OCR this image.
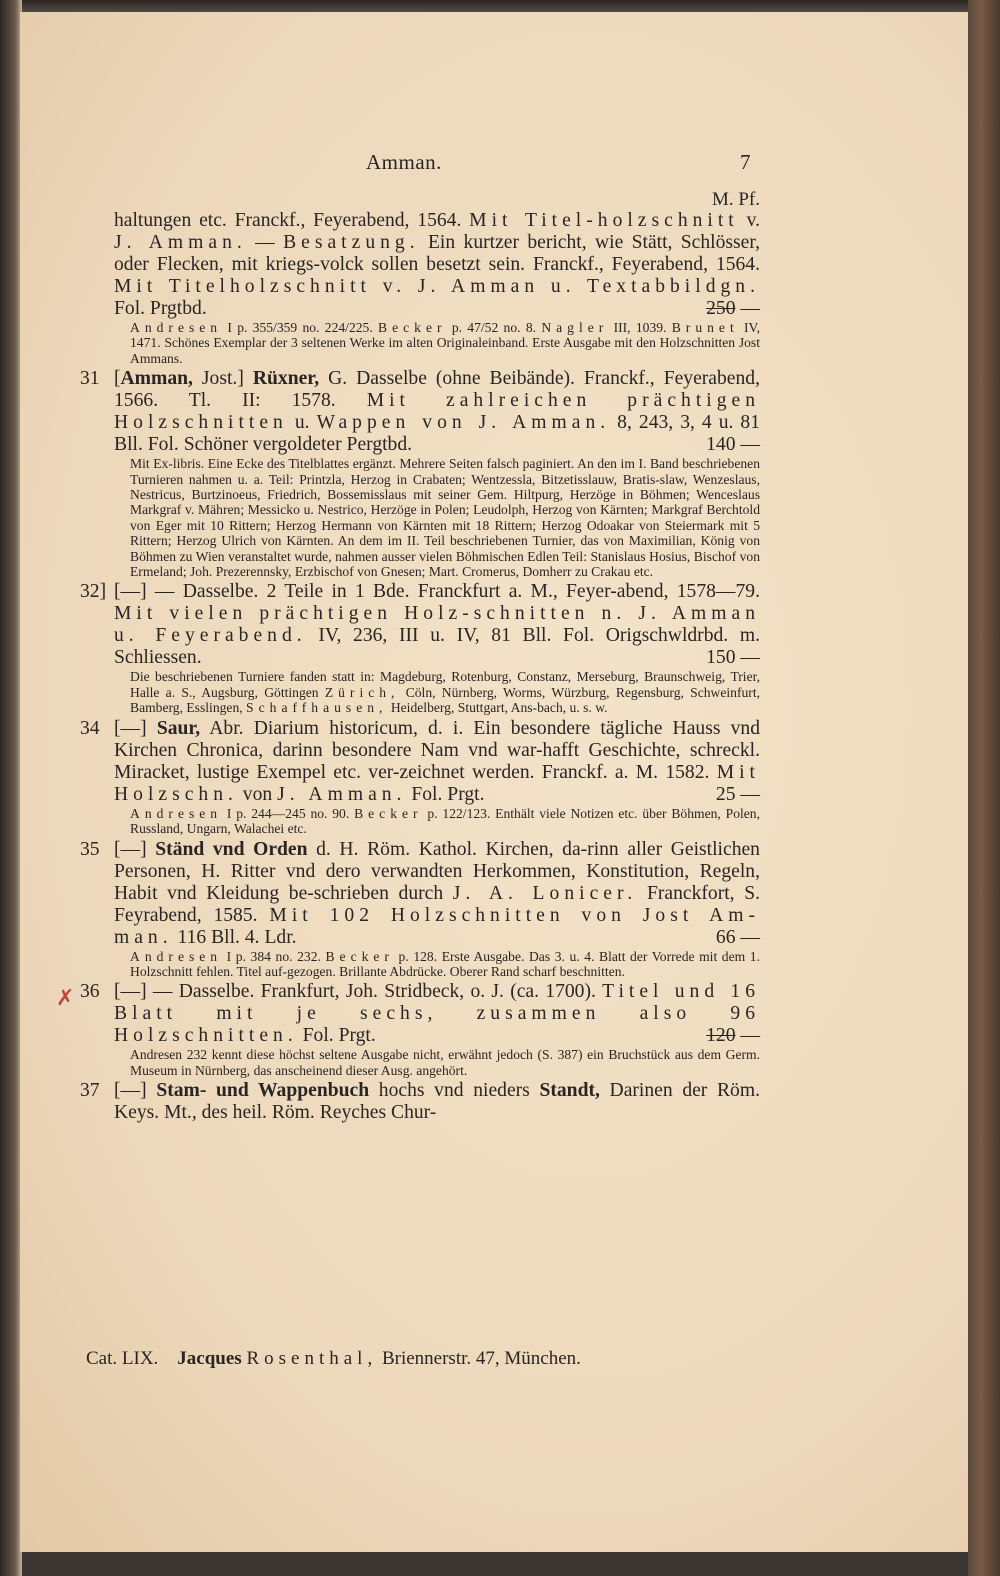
Amman.	7
M. Pf.

haltungen etc. Franckf., Feyerabend, 1564. Mit Titel-holzschnitt v. J. Amman. — Besatzung. Ein kurtzer bericht, wie Stätt, Schlösser, oder Flecken, mit kriegs-volck sollen besetzt sein. Franckf., Feyerabend, 1564. Mit Titelholzschnitt v. J. Amman u. Textabbildgn. Fol. Prgtbd.	250 —

Andresen I p. 355/359 no. 224/225. Becker p. 47/52 no. 8. Nagler III, 1039. Brunet IV, 1471. Schönes Exemplar der 3 seltenen Werke im alten Originaleinband. Erste Ausgabe mit den Holzschnitten Jost Ammans.

31 [Amman, Jost.] Rüxner, G. Dasselbe (ohne Beibände). Franckf., Feyerabend, 1566. Tl. II: 1578. Mit zahlreichen prächtigen Holzschnitten u. Wappen von J. Amman. 8, 243, 3, 4 u. 81 Bll. Fol. Schöner vergoldeter Pergtbd.	140 —

Mit Ex-libris. Eine Ecke des Titelblattes ergänzt. Mehrere Seiten falsch paginiert. An den im I. Band beschriebenen Turnieren nahmen u. a. Teil: Printzla, Herzog in Crabaten; Wentzessla, Bitzetisslauw, Bratis-slaw, Wenzeslaus, Nestricus, Burtzinoeus, Friedrich, Bossemisslaus mit seiner Gem. Hiltpurg, Herzöge in Böhmen; Wenceslaus Markgraf v. Mähren; Messicko u. Nestrico, Herzöge in Polen; Leudolph, Herzog von Kärnten; Markgraf Berchtold von Eger mit 10 Rittern; Herzog Hermann von Kärnten mit 18 Rittern; Herzog Odoakar von Steiermark mit 5 Rittern; Herzog Ulrich von Kärnten. An dem im II. Teil beschriebenen Turnier, das von Maximilian, König von Böhmen zu Wien veranstaltet wurde, nahmen ausser vielen Böhmischen Edlen Teil: Stanislaus Hosius, Bischof von Ermeland; Joh. Prezerennsky, Erzbischof von Gnesen; Mart. Cromerus, Domherr zu Crakau etc.

32] [—] — Dasselbe. 2 Teile in 1 Bde. Franckfurt a. M., Feyer-abend, 1578—79. Mit vielen prächtigen Holz-schnitten n. J. Amman u. Feyerabend. IV, 236, III u. IV, 81 Bll. Fol. Origschwldrbd. m. Schliessen.	150 —

Die beschriebenen Turniere fanden statt in: Magdeburg, Rotenburg, Constanz, Merseburg, Braunschweig, Trier, Halle a. S., Augsburg, Göttingen Zürich, Cöln, Nürnberg, Worms, Würzburg, Regensburg, Schweinfurt, Bamberg, Esslingen, Schaffhausen, Heidelberg, Stuttgart, Ans-bach, u. s. w.

34 [—] Saur, Abr. Diarium historicum, d. i. Ein besondere tägliche Hauss vnd Kirchen Chronica, darinn besondere Nam vnd war-hafft Geschichte, schreckl. Miracket, lustige Exempel etc. ver-zeichnet werden. Franckf. a. M. 1582. Mit Holzschn. von J. Amman. Fol. Prgt.	25 —

Andresen I p. 244—245 no. 90. Becker p. 122/123. Enthält viele Notizen etc. über Böhmen, Polen, Russland, Ungarn, Walachei etc.

35 [—] Ständ vnd Orden d. H. Röm. Kathol. Kirchen, da-rinn aller Geistlichen Personen, H. Ritter vnd dero verwandten Herkommen, Konstitution, Regeln, Habit vnd Kleidung be-schrieben durch J. A. Lonicer. Franckfort, S. Feyrabend, 1585. Mit 102 Holzschnitten von Jost Am-man. 116 Bll. 4. Ldr.	66 —

Andresen I p. 384 no. 232. Becker p. 128. Erste Ausgabe. Das 3. u. 4. Blatt der Vorrede mit dem 1. Holzschnitt fehlen. Titel auf-gezogen. Brillante Abdrücke. Oberer Rand scharf beschnitten.

36 [—] — Dasselbe. Frankfurt, Joh. Stridbeck, o. J. (ca. 1700). Titel und 16 Blatt mit je sechs, zusammen also 96 Holzschnitten. Fol. Prgt.	120 —

Andresen 232 kennt diese höchst seltene Ausgabe nicht, erwähnt jedoch (S. 387) ein Bruchstück aus dem Germ. Museum in Nürnberg, das anscheinend dieser Ausg. angehört.

37 [—] Stam- und Wappenbuch hochs vnd nieders Standt, Darinen der Röm. Keys. Mt., des heil. Röm. Reyches Chur-

Cat. LIX. Jacques Rosenthal, Briennerstr. 47, München.
✗
